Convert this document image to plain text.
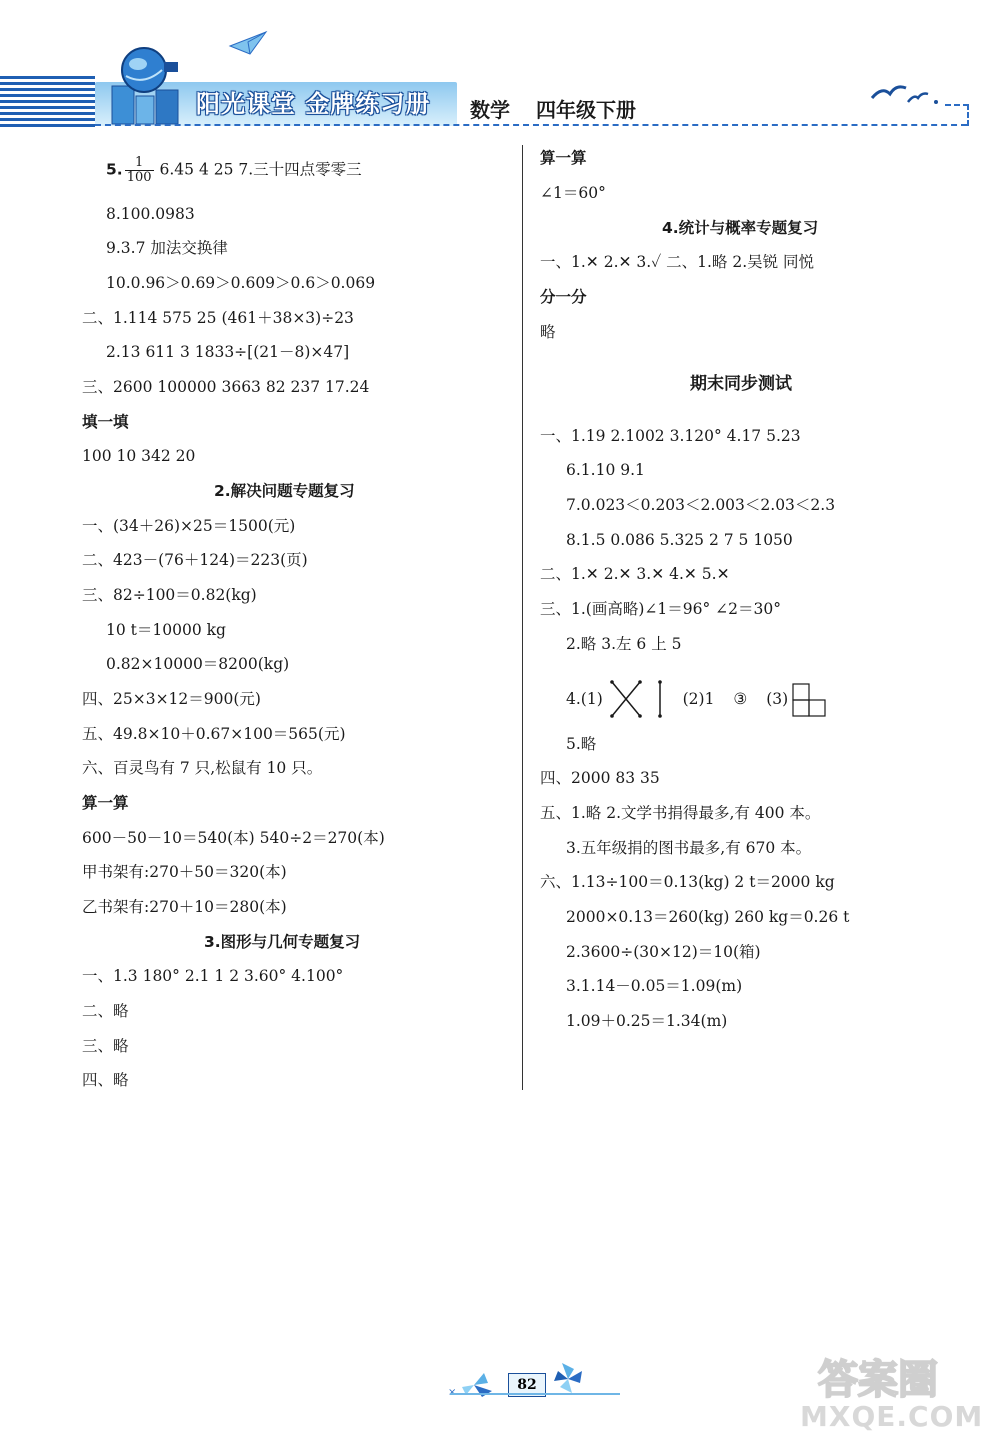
阳光课堂 金牌练习册 数学 四年级下册
5. $\frac{1}{100} 6.45$ 4 25 7.三十四点零零三
8.100.0983
9.3.7 加法交换律
10.0.96＞0.69＞0.609＞0.6＞0.069
二、1.114 575 25 (461＋38×3)÷23
2.13 611 3 1833÷[(21－8)×47]
三、2600 100000 3663 82 237 17.24
填一填
100 10 342 20
2.解决问题专题复习
一、(34＋26)×25＝1500(元)
二、423－(76＋124)＝223(页)
三、82÷100＝0.82(kg)
10 t＝10000 kg
0.82×10000＝8200(kg)
四、25×3×12＝900(元)
五、49.8×10＋0.67×100＝565(元)
六、百灵鸟有 7 只,松鼠有 10 只。
算一算
600－50－10＝540(本) 540÷2＝270(本)
甲书架有:270＋50＝320(本)
乙书架有:270＋10＝280(本)
3.图形与几何专题复习
一、1.3 180° 2.1 1 2 3.60° 4.100°
二、略
三、略
四、略
算一算
∠1＝60°
4.统计与概率专题复习
一、1.✕ 2.✕ 3.✓ 二、1.略 2.吴锐 同悦
分一分
略
期末同步测试
一、1.19 2.1002 3.120° 4.17 5.23
6.1.10 9.1
7.0.023＜0.203＜2.003＜2.03＜2.3
8.1.5 0.086 5.325 2 7 5 1050
二、1.✕ 2.✕ 3.✕ 4.✕ 5.✕
三、1.(画高略)∠1＝96° ∠2＝30°
2.略 3.左 6 上 5
4.(1)	(2)1 ③ (3)
5.略
四、2000 83 35
五、1.略 2.文学书捐得最多,有 400 本。
3.五年级捐的图书最多,有 670 本。
六、1.13÷100＝0.13(kg) 2 t＝2000 kg
2000×0.13＝260(kg) 260 kg＝0.26 t
2.3600÷(30×12)＝10(箱)
3.1.14－0.05＝1.09(m)
1.09＋0.25＝1.34(m)
×	82	答案圈
MXQE.COM
